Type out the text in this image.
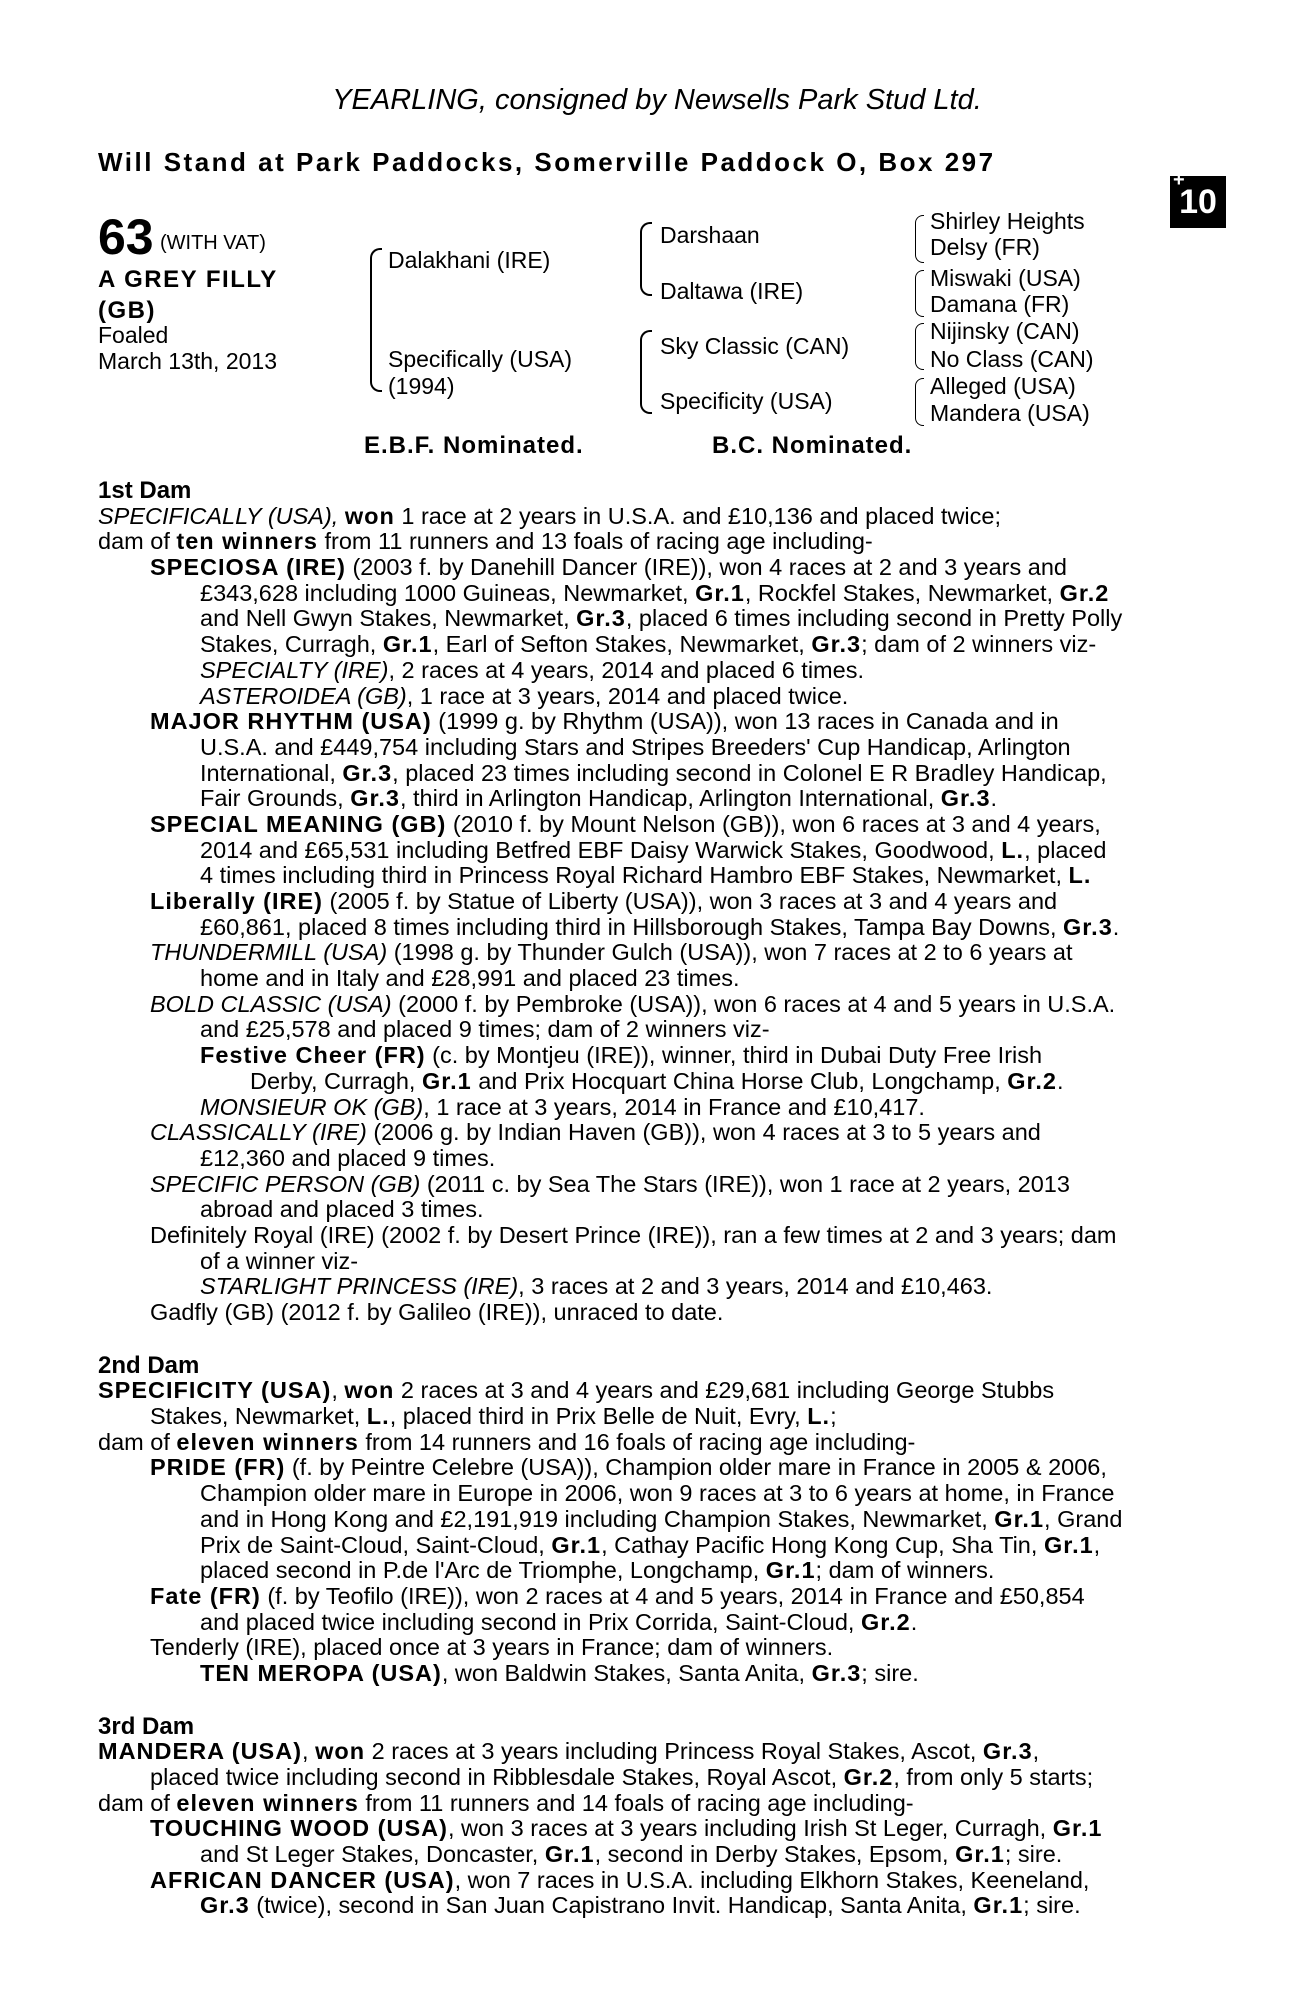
YEARLING, consigned by Newsells Park Stud Ltd.
Will Stand at Park Paddocks, Somerville Paddock O, Box 297
+
10
63 (WITH VAT)
A GREY FILLY
(GB)
Foaled
March 13th, 2013
Dalakhani (IRE)
Specifically (USA)
(1994)
Darshaan
Daltawa (IRE)
Sky Classic (CAN)
Specificity (USA)
Shirley Heights
Delsy (FR)
Miswaki (USA)
Damana (FR)
Nijinsky (CAN)
No Class (CAN)
Alleged (USA)
Mandera (USA)
E.B.F. Nominated.	B.C. Nominated.
1st Dam
SPECIFICALLY (USA), won 1 race at 2 years in U.S.A. and £10,136 and placed twice;
dam of ten winners from 11 runners and 13 foals of racing age including-
SPECIOSA (IRE) (2003 f. by Danehill Dancer (IRE)), won 4 races at 2 and 3 years and
£343,628 including 1000 Guineas, Newmarket, Gr.1, Rockfel Stakes, Newmarket, Gr.2
and Nell Gwyn Stakes, Newmarket, Gr.3, placed 6 times including second in Pretty Polly
Stakes, Curragh, Gr.1, Earl of Sefton Stakes, Newmarket, Gr.3; dam of 2 winners viz-
SPECIALTY (IRE), 2 races at 4 years, 2014 and placed 6 times.
ASTEROIDEA (GB), 1 race at 3 years, 2014 and placed twice.
MAJOR RHYTHM (USA) (1999 g. by Rhythm (USA)), won 13 races in Canada and in
U.S.A. and £449,754 including Stars and Stripes Breeders' Cup Handicap, Arlington
International, Gr.3, placed 23 times including second in Colonel E R Bradley Handicap,
Fair Grounds, Gr.3, third in Arlington Handicap, Arlington International, Gr.3.
SPECIAL MEANING (GB) (2010 f. by Mount Nelson (GB)), won 6 races at 3 and 4 years,
2014 and £65,531 including Betfred EBF Daisy Warwick Stakes, Goodwood, L., placed
4 times including third in Princess Royal Richard Hambro EBF Stakes, Newmarket, L.
Liberally (IRE) (2005 f. by Statue of Liberty (USA)), won 3 races at 3 and 4 years and
£60,861, placed 8 times including third in Hillsborough Stakes, Tampa Bay Downs, Gr.3.
THUNDERMILL (USA) (1998 g. by Thunder Gulch (USA)), won 7 races at 2 to 6 years at
home and in Italy and £28,991 and placed 23 times.
BOLD CLASSIC (USA) (2000 f. by Pembroke (USA)), won 6 races at 4 and 5 years in U.S.A.
and £25,578 and placed 9 times; dam of 2 winners viz-
Festive Cheer (FR) (c. by Montjeu (IRE)), winner, third in Dubai Duty Free Irish
Derby, Curragh, Gr.1 and Prix Hocquart China Horse Club, Longchamp, Gr.2.
MONSIEUR OK (GB), 1 race at 3 years, 2014 in France and £10,417.
CLASSICALLY (IRE) (2006 g. by Indian Haven (GB)), won 4 races at 3 to 5 years and
£12,360 and placed 9 times.
SPECIFIC PERSON (GB) (2011 c. by Sea The Stars (IRE)), won 1 race at 2 years, 2013
abroad and placed 3 times.
Definitely Royal (IRE) (2002 f. by Desert Prince (IRE)), ran a few times at 2 and 3 years; dam
of a winner viz-
STARLIGHT PRINCESS (IRE), 3 races at 2 and 3 years, 2014 and £10,463.
Gadfly (GB) (2012 f. by Galileo (IRE)), unraced to date.
2nd Dam
SPECIFICITY (USA), won 2 races at 3 and 4 years and £29,681 including George Stubbs
Stakes, Newmarket, L., placed third in Prix Belle de Nuit, Evry, L.;
dam of eleven winners from 14 runners and 16 foals of racing age including-
PRIDE (FR) (f. by Peintre Celebre (USA)), Champion older mare in France in 2005 & 2006,
Champion older mare in Europe in 2006, won 9 races at 3 to 6 years at home, in France
and in Hong Kong and £2,191,919 including Champion Stakes, Newmarket, Gr.1, Grand
Prix de Saint-Cloud, Saint-Cloud, Gr.1, Cathay Pacific Hong Kong Cup, Sha Tin, Gr.1,
placed second in P.de l'Arc de Triomphe, Longchamp, Gr.1; dam of winners.
Fate (FR) (f. by Teofilo (IRE)), won 2 races at 4 and 5 years, 2014 in France and £50,854
and placed twice including second in Prix Corrida, Saint-Cloud, Gr.2.
Tenderly (IRE), placed once at 3 years in France; dam of winners.
TEN MEROPA (USA), won Baldwin Stakes, Santa Anita, Gr.3; sire.
3rd Dam
MANDERA (USA), won 2 races at 3 years including Princess Royal Stakes, Ascot, Gr.3,
placed twice including second in Ribblesdale Stakes, Royal Ascot, Gr.2, from only 5 starts;
dam of eleven winners from 11 runners and 14 foals of racing age including-
TOUCHING WOOD (USA), won 3 races at 3 years including Irish St Leger, Curragh, Gr.1
and St Leger Stakes, Doncaster, Gr.1, second in Derby Stakes, Epsom, Gr.1; sire.
AFRICAN DANCER (USA), won 7 races in U.S.A. including Elkhorn Stakes, Keeneland,
Gr.3 (twice), second in San Juan Capistrano Invit. Handicap, Santa Anita, Gr.1; sire.
